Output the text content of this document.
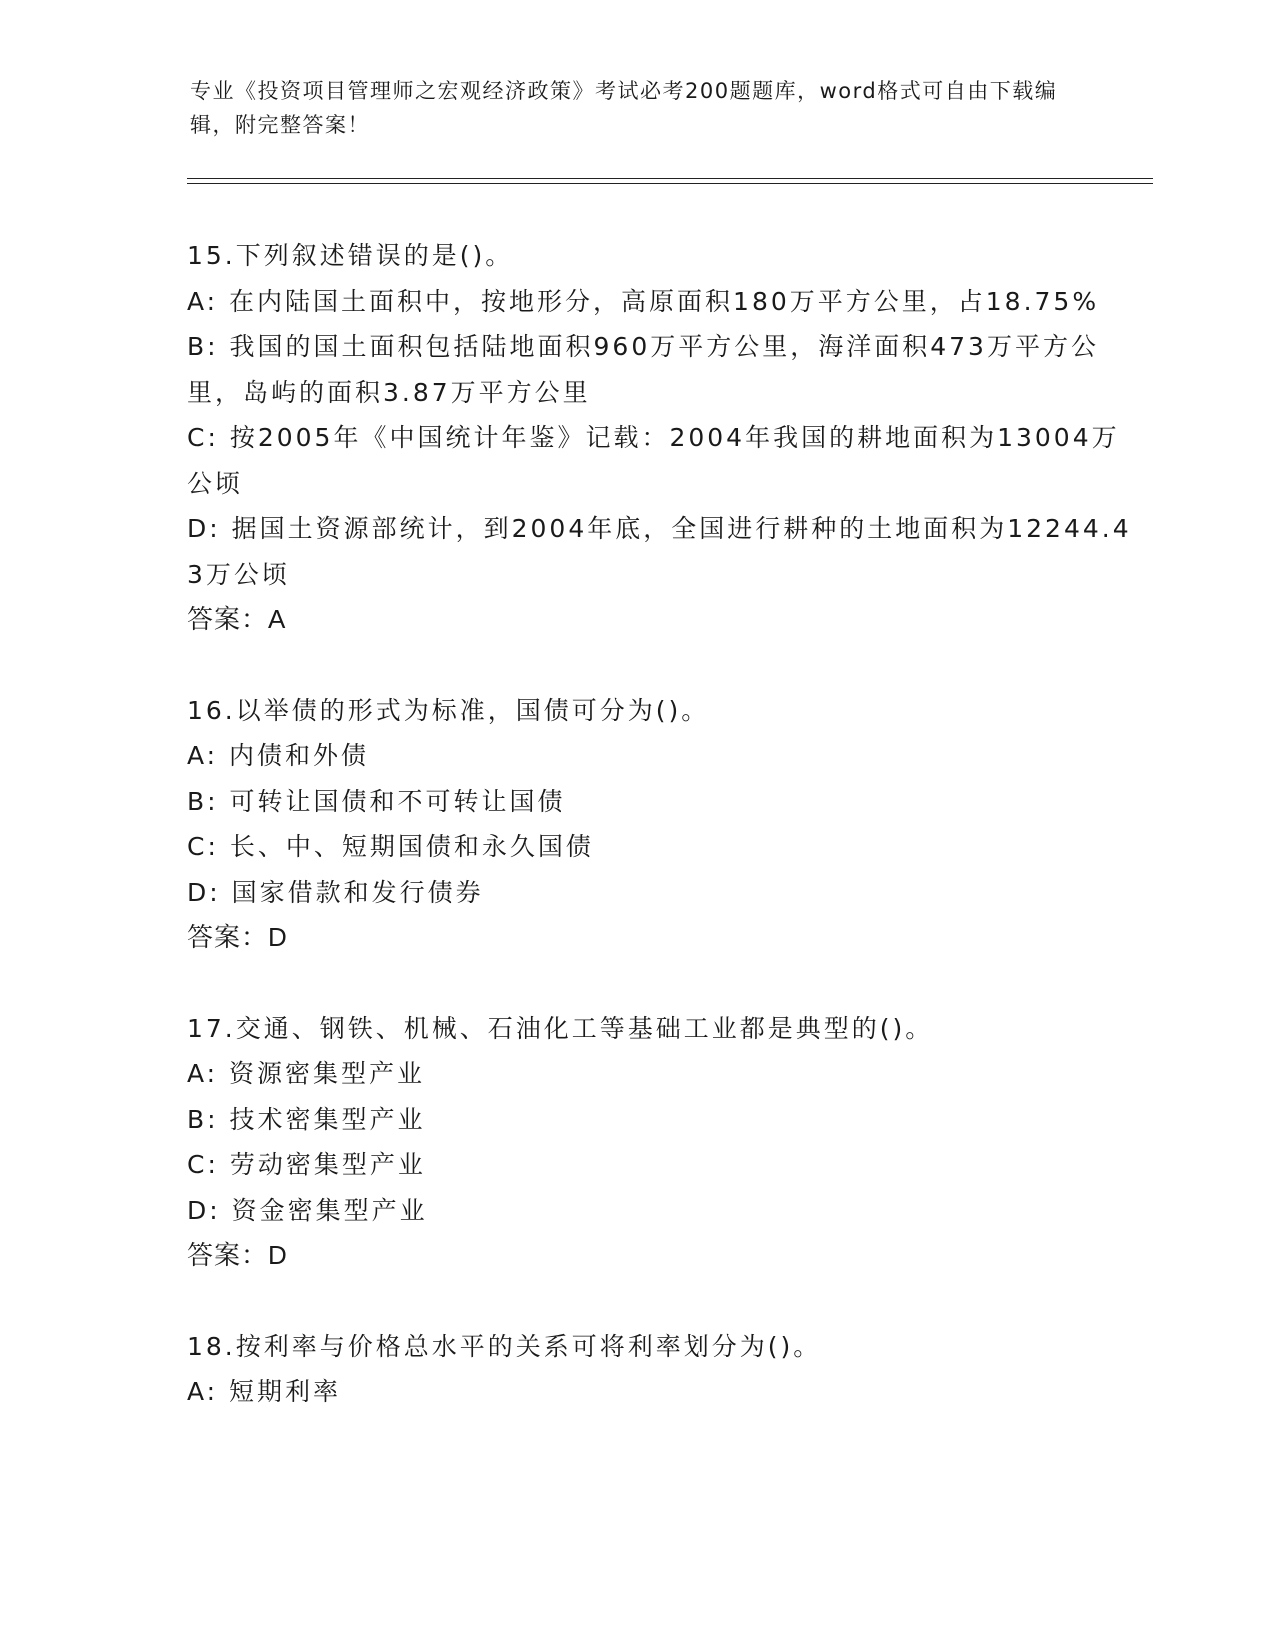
专业《投资项目管理师之宏观经济政策》考试必考200题题库，word格式可自由下载编辑，附完整答案！
15.下列叙述错误的是()。
A: 在内陆国土面积中，按地形分，高原面积180万平方公里，占18.75%
B: 我国的国土面积包括陆地面积960万平方公里，海洋面积473万平方公里，岛屿的面积3.87万平方公里
C: 按2005年《中国统计年鉴》记载：2004年我国的耕地面积为13004万公顷
D: 据国土资源部统计，到2004年底，全国进行耕种的土地面积为12244.43万公顷
答案：A
16.以举债的形式为标准，国债可分为()。
A: 内债和外债
B: 可转让国债和不可转让国债
C: 长、中、短期国债和永久国债
D: 国家借款和发行债券
答案：D
17.交通、钢铁、机械、石油化工等基础工业都是典型的()。
A: 资源密集型产业
B: 技术密集型产业
C: 劳动密集型产业
D: 资金密集型产业
答案：D
18.按利率与价格总水平的关系可将利率划分为()。
A: 短期利率
